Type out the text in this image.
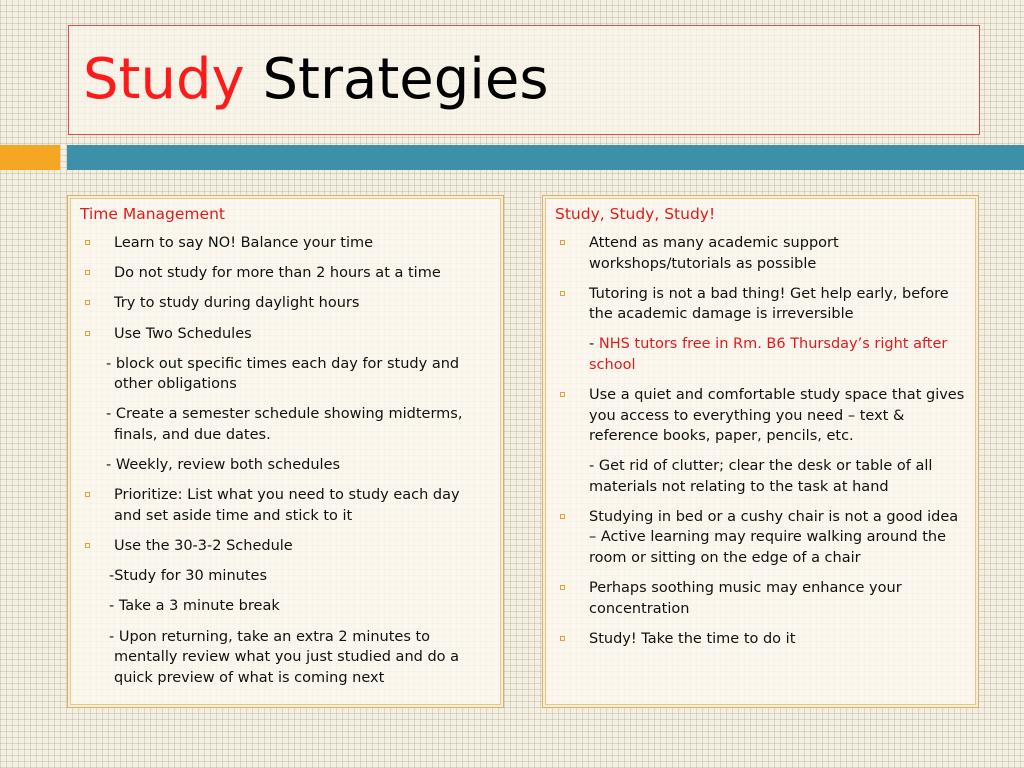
Study Strategies
Time Management
Learn to say NO! Balance your time
Do not study for more than 2 hours at a time
Try to study during daylight hours
Use Two Schedules
- block out specific times each day for study and other obligations
- Create a semester schedule showing midterms, finals, and due dates.
- Weekly, review both schedules
Prioritize: List what you need to study each day and set aside time and stick to it
Use the 30-3-2 Schedule
-Study for 30 minutes
- Take a 3 minute break
- Upon returning, take an extra 2 minutes to mentally review what you just studied and do a quick preview of what is coming next
Study, Study, Study!
Attend as many academic support workshops/tutorials as possible
Tutoring is not a bad thing! Get help early, before the academic damage is irreversible
- NHS tutors free in Rm. B6 Thursday’s right after school
Use a quiet and comfortable study space that gives you access to everything you need – text & reference books, paper, pencils, etc.
- Get rid of clutter; clear the desk or table of all materials not relating to the task at hand
Studying in bed or a cushy chair is not a good idea – Active learning may require walking around the room or sitting on the edge of a chair
Perhaps soothing music may enhance your concentration
Study! Take the time to do it
